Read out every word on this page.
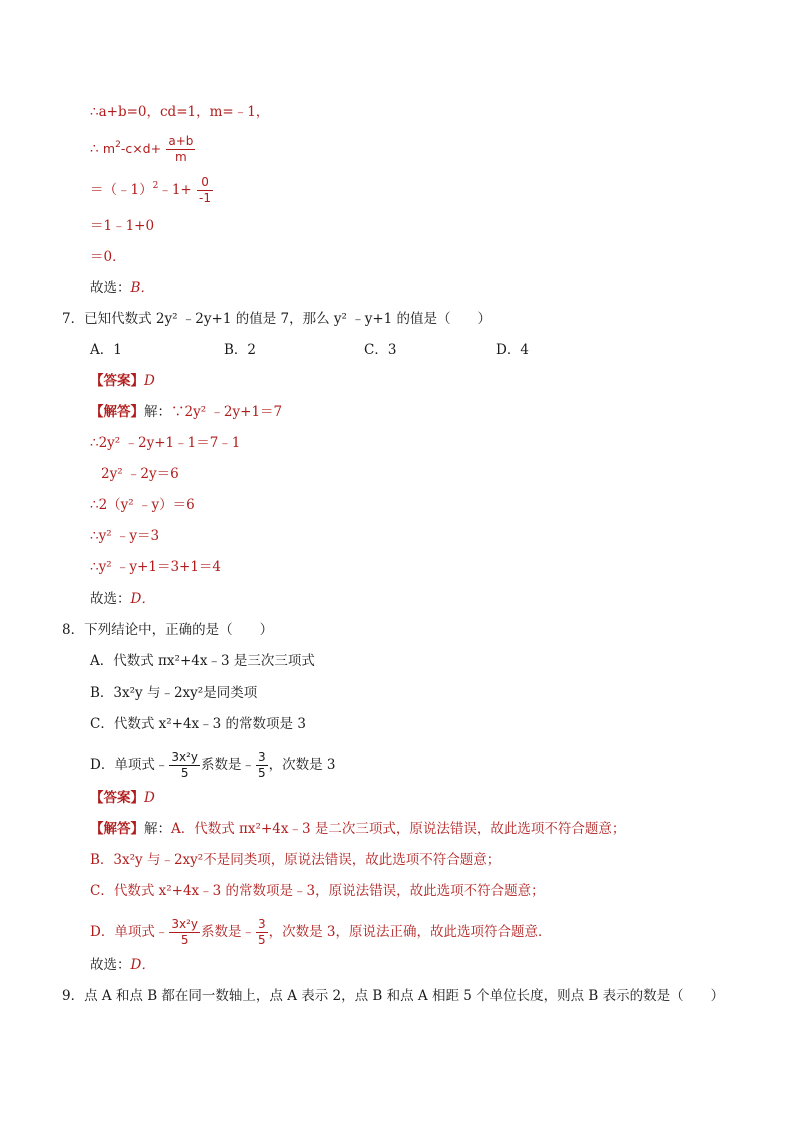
∴a+b=0，cd=1，m=﹣1，
∴ $m^2-c\times d+ \frac{a+b}{m}$
＝（﹣1）$^2$﹣1+ $\frac{0}{-1}$
＝1﹣1+0
＝0．
故选：B．
7．已知代数式 2y² ﹣2y+1 的值是 7，那么 y² ﹣y+1 的值是（　　）
A．1	B．2	C．3	D．4
【答案】D
【解答】解：∵2y² ﹣2y+1＝7
∴2y² ﹣2y+1﹣1＝7﹣1
2y² ﹣2y＝6
∴2（y² ﹣y）＝6
∴y² ﹣y＝3
∴y² ﹣y+1＝3+1＝4
故选：D．
8．下列结论中，正确的是（　　）
A．代数式 πx²+4x﹣3 是三次三项式
B．3x²y 与﹣2xy²是同类项
C．代数式 x²+4x﹣3 的常数项是 3
D．单项式﹣ $\frac{\text{3x²y}}{5}$ 系数是﹣ $\frac{3}{5}$ ，次数是 3
【答案】D
【解答】解：A．代数式 πx²+4x﹣3 是二次三项式，原说法错误，故此选项不符合题意；
B．3x²y 与﹣2xy²不是同类项，原说法错误，故此选项不符合题意；
C．代数式 x²+4x﹣3 的常数项是﹣3，原说法错误，故此选项不符合题意；
D．单项式﹣ $\frac{\text{3x²y}}{5}$ 系数是﹣ $\frac{3}{5}$ ，次数是 3，原说法正确，故此选项符合题意．
故选：D．
9．点 A 和点 B 都在同一数轴上，点 A 表示 2，点 B 和点 A 相距 5 个单位长度，则点 B 表示的数是（　　）
